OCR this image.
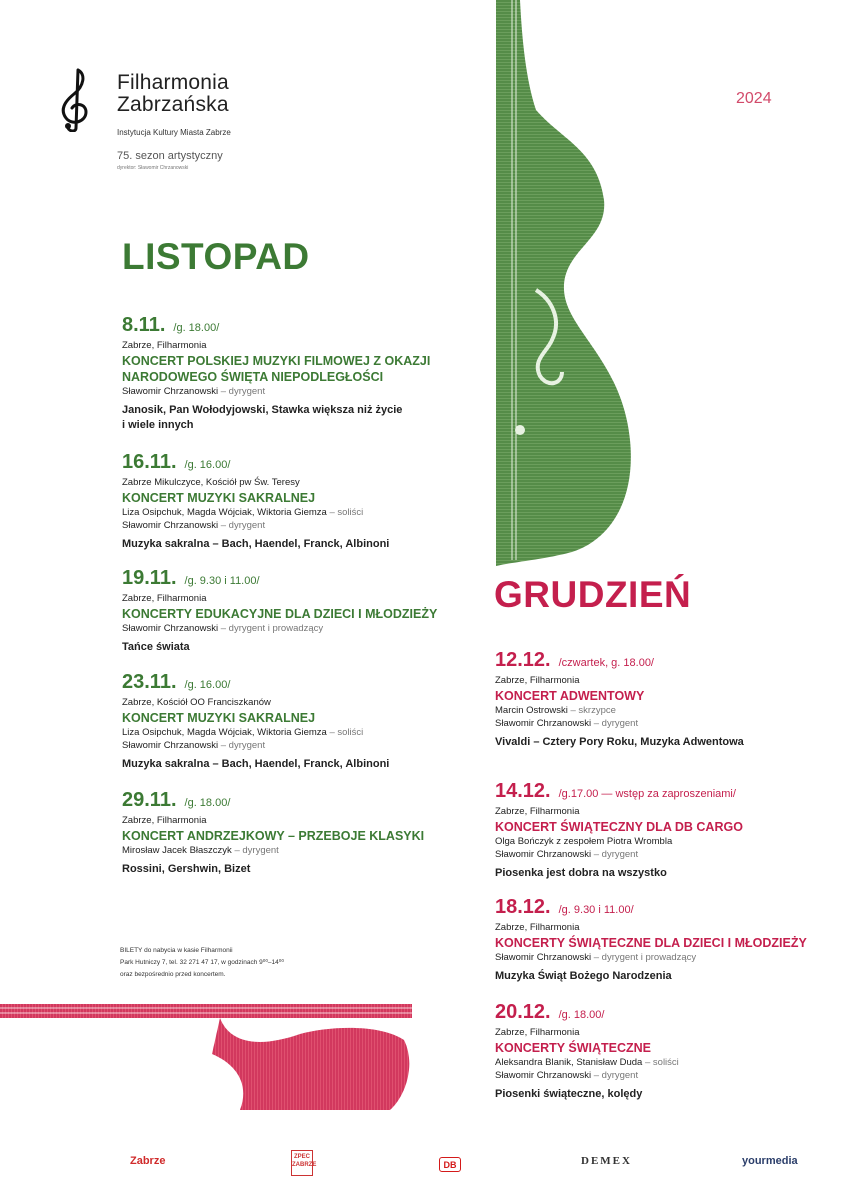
Filharmonia
Zabrzańska
Instytucja Kultury Miasta Zabrze
75. sezon artystyczny
dyrektor: Sławomir Chrzanowski
2024
LISTOPAD
GRUDZIEŃ
8.11. /g. 18.00/
Zabrze, Filharmonia
KONCERT POLSKIEJ MUZYKI FILMOWEJ Z OKAZJI
NARODOWEGO ŚWIĘTA NIEPODLEGŁOŚCI
Sławomir Chrzanowski – dyrygent
Janosik, Pan Wołodyjowski, Stawka większa niż życie
i wiele innych
16.11. /g. 16.00/
Zabrze Mikulczyce, Kościół pw Św. Teresy
KONCERT MUZYKI SAKRALNEJ
Liza Osipchuk, Magda Wójciak, Wiktoria Giemza – soliści
Sławomir Chrzanowski – dyrygent
Muzyka sakralna – Bach, Haendel, Franck, Albinoni
19.11. /g. 9.30 i 11.00/
Zabrze, Filharmonia
KONCERTY EDUKACYJNE DLA DZIECI I MŁODZIEŻY
Sławomir Chrzanowski – dyrygent i prowadzący
Tańce świata
23.11. /g. 16.00/
Zabrze, Kościół OO Franciszkanów
KONCERT MUZYKI SAKRALNEJ
Liza Osipchuk, Magda Wójciak, Wiktoria Giemza – soliści
Sławomir Chrzanowski – dyrygent
Muzyka sakralna – Bach, Haendel, Franck, Albinoni
29.11. /g. 18.00/
Zabrze, Filharmonia
KONCERT ANDRZEJKOWY – PRZEBOJE KLASYKI
Mirosław Jacek Błaszczyk – dyrygent
Rossini, Gershwin, Bizet
12.12. /czwartek, g. 18.00/
Zabrze, Filharmonia
KONCERT ADWENTOWY
Marcin Ostrowski – skrzypce
Sławomir Chrzanowski – dyrygent
Vivaldi – Cztery Pory Roku, Muzyka Adwentowa
14.12. /g.17.00 — wstęp za zaproszeniami/
Zabrze, Filharmonia
KONCERT ŚWIĄTECZNY DLA DB CARGO
Olga Bończyk z zespołem Piotra Wrombla
Sławomir Chrzanowski – dyrygent
Piosenka jest dobra na wszystko
18.12. /g. 9.30 i 11.00/
Zabrze, Filharmonia
KONCERTY ŚWIĄTECZNE DLA DZIECI I MŁODZIEŻY
Sławomir Chrzanowski – dyrygent i prowadzący
Muzyka Świąt Bożego Narodzenia
20.12. /g. 18.00/
Zabrze, Filharmonia
KONCERTY ŚWIĄTECZNE
Aleksandra Blanik, Stanisław Duda – soliści
Sławomir Chrzanowski – dyrygent
Piosenki świąteczne, kolędy
BILETY do nabycia w kasie Filharmonii
Park Hutniczy 7, tel. 32 271 47 17, w godzinach 9⁰⁰–14⁰⁰
oraz bezpośrednio przed koncertem.
Zabrze	ZPEC ZABRZE	DB	DEMEX	yourmedia
